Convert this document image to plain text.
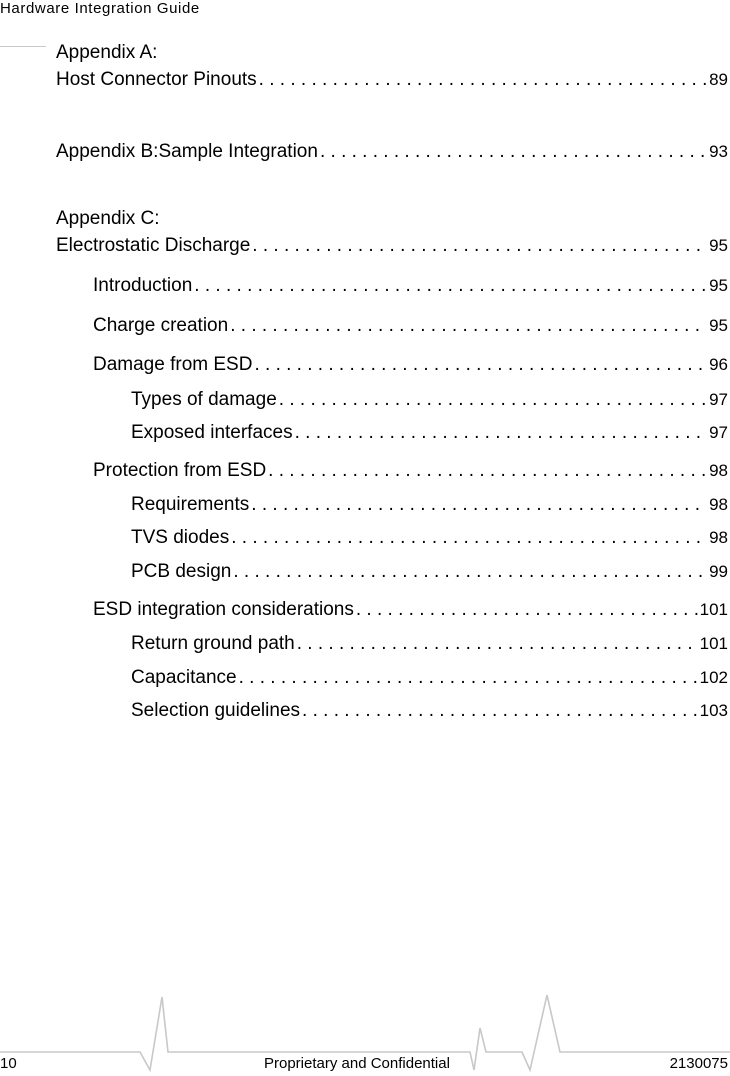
Hardware Integration Guide
Appendix A:
Host Connector Pinouts . . .	89
Appendix B:Sample Integration . . .	93
Appendix C:
Electrostatic Discharge . . .	95
Introduction . . .	95
Charge creation . . .	95
Damage from ESD . . .	96
Types of damage . . .	97
Exposed interfaces . . .	97
Protection from ESD . . .	98
Requirements . . .	98
TVS diodes . . .	98
PCB design . . .	99
ESD integration considerations . . .	101
Return ground path . . .	101
Capacitance . . .	102
Selection guidelines . . .	103
10	Proprietary and Confidential	2130075
